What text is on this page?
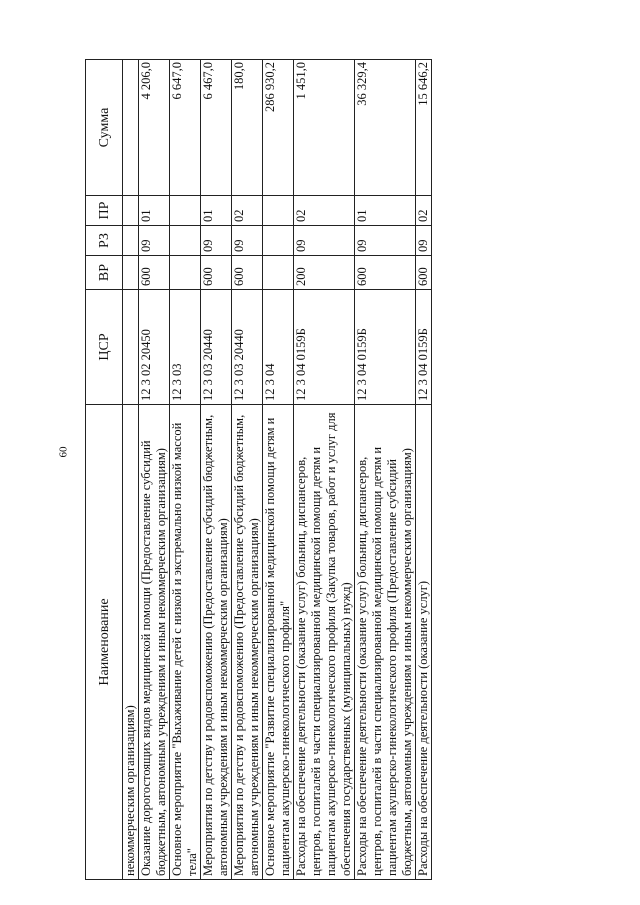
60
Наименование	ЦСР	ВР	РЗ	ПР	Сумма
некоммерческим организациям)					
Оказание дорогостоящих видов медицинской помощи (Предоставление субсидий бюджетным, автономным учреждениям и иным некоммерческим организациям)	12 3 02 20450	600	09	01	4 206,0
Основное мероприятие "Выхаживание детей с низкой и экстремально низкой массой тела"	12 3 03				6 647,0
Мероприятия по детству и родовспоможению (Предоставление субсидий бюджетным, автономным учреждениям и иным некоммерческим организациям)	12 3 03 20440	600	09	01	6 467,0
Мероприятия по детству и родовспоможению (Предоставление субсидий бюджетным, автономным учреждениям и иным некоммерческим организациям)	12 3 03 20440	600	09	02	180,0
Основное мероприятие "Развитие специализированной медицинской помощи детям и пациентам акушерско-гинекологического профиля"	12 3 04				286 930,2
Расходы на обеспечение деятельности (оказание услуг) больниц, диспансеров, центров, госпиталей в части специализированной медицинской помощи детям и пациентам акушерско-гинекологического профиля (Закупка товаров, работ и услуг для обеспечения государственных (муниципальных) нужд)	12 3 04 0159Б	200	09	02	1 451,0
Расходы на обеспечение деятельности (оказание услуг) больниц, диспансеров, центров, госпиталей в части специализированной медицинской помощи детям и пациентам акушерско-гинекологического профиля (Предоставление субсидий бюджетным, автономным учреждениям и иным некоммерческим организациям)	12 3 04 0159Б	600	09	01	36 329,4
Расходы на обеспечение деятельности (оказание услуг)	12 3 04 0159Б	600	09	02	15 646,2
